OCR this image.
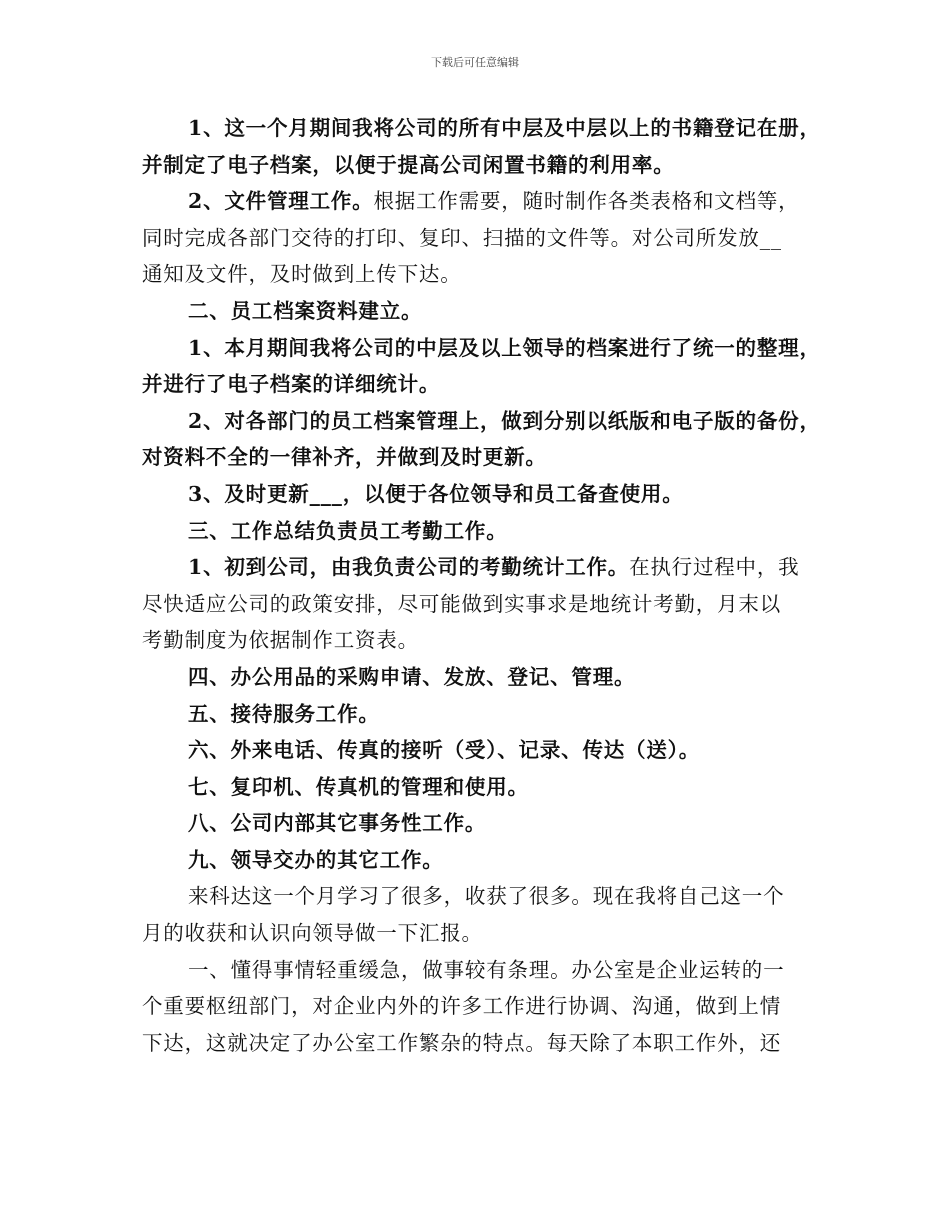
下载后可任意编辑

1、这一个月期间我将公司的所有中层及中层以上的书籍登记在册，

并制定了电子档案，以便于提高公司闲置书籍的利用率。

2、文件管理工作。根据工作需要，随时制作各类表格和文档等，

同时完成各部门交待的打印、复印、扫描的文件等。对公司所发放__

通知及文件，及时做到上传下达。

二、员工档案资料建立。

1、本月期间我将公司的中层及以上领导的档案进行了统一的整理，

并进行了电子档案的详细统计。

2、对各部门的员工档案管理上，做到分别以纸版和电子版的备份，

对资料不全的一律补齐，并做到及时更新。

3、及时更新___，以便于各位领导和员工备查使用。

三、工作总结负责员工考勤工作。

1、初到公司，由我负责公司的考勤统计工作。在执行过程中，我

尽快适应公司的政策安排，尽可能做到实事求是地统计考勤，月末以

考勤制度为依据制作工资表。

四、办公用品的采购申请、发放、登记、管理。

五、接待服务工作。

六、外来电话、传真的接听（受）、记录、传达（送）。

七、复印机、传真机的管理和使用。

八、公司内部其它事务性工作。

九、领导交办的其它工作。

来科达这一个月学习了很多，收获了很多。现在我将自己这一个

月的收获和认识向领导做一下汇报。

一、懂得事情轻重缓急，做事较有条理。办公室是企业运转的一

个重要枢纽部门，对企业内外的许多工作进行协调、沟通，做到上情

下达，这就决定了办公室工作繁杂的特点。每天除了本职工作外，还
